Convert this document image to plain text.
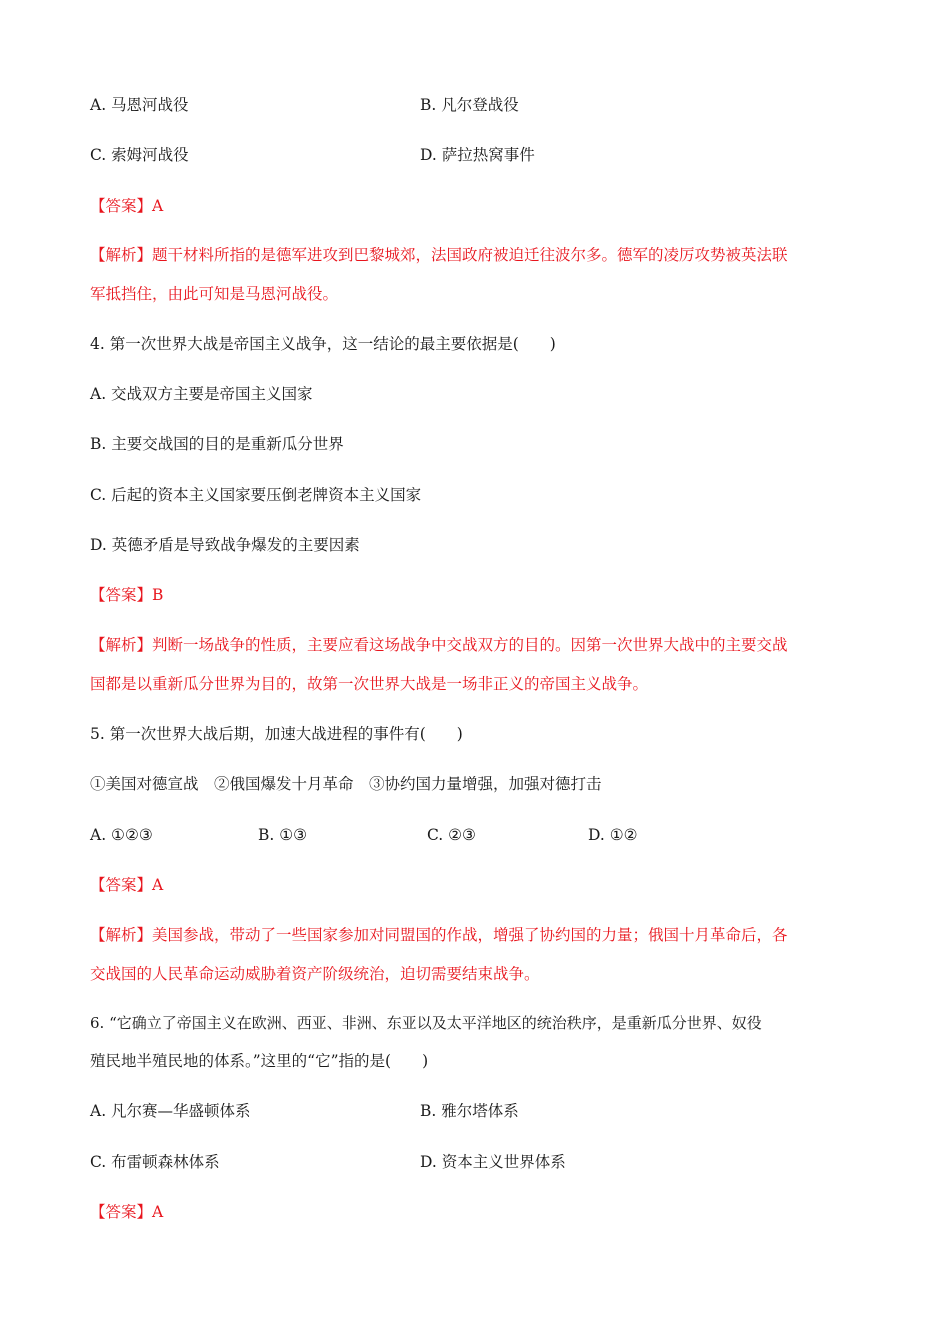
A. 马恩河战役	B. 凡尔登战役
C. 索姆河战役	D. 萨拉热窝事件
【答案】A
【解析】题干材料所指的是德军进攻到巴黎城郊，法国政府被迫迁往波尔多。德军的凌厉攻势被英法联
军抵挡住，由此可知是马恩河战役。
4. 第一次世界大战是帝国主义战争，这一结论的最主要依据是(　　)
A. 交战双方主要是帝国主义国家
B. 主要交战国的目的是重新瓜分世界
C. 后起的资本主义国家要压倒老牌资本主义国家
D. 英德矛盾是导致战争爆发的主要因素
【答案】B
【解析】判断一场战争的性质，主要应看这场战争中交战双方的目的。因第一次世界大战中的主要交战
国都是以重新瓜分世界为目的，故第一次世界大战是一场非正义的帝国主义战争。
5. 第一次世界大战后期，加速大战进程的事件有(　　)
①美国对德宣战　②俄国爆发十月革命　③协约国力量增强，加强对德打击
A. ①②③	B. ①③	C. ②③	D. ①②
【答案】A
【解析】美国参战，带动了一些国家参加对同盟国的作战，增强了协约国的力量；俄国十月革命后，各
交战国的人民革命运动威胁着资产阶级统治，迫切需要结束战争。
6. “它确立了帝国主义在欧洲、西亚、非洲、东亚以及太平洋地区的统治秩序，是重新瓜分世界、奴役
殖民地半殖民地的体系。”这里的“它”指的是(　　)
A. 凡尔赛—华盛顿体系	B. 雅尔塔体系
C. 布雷顿森林体系	D. 资本主义世界体系
【答案】A
